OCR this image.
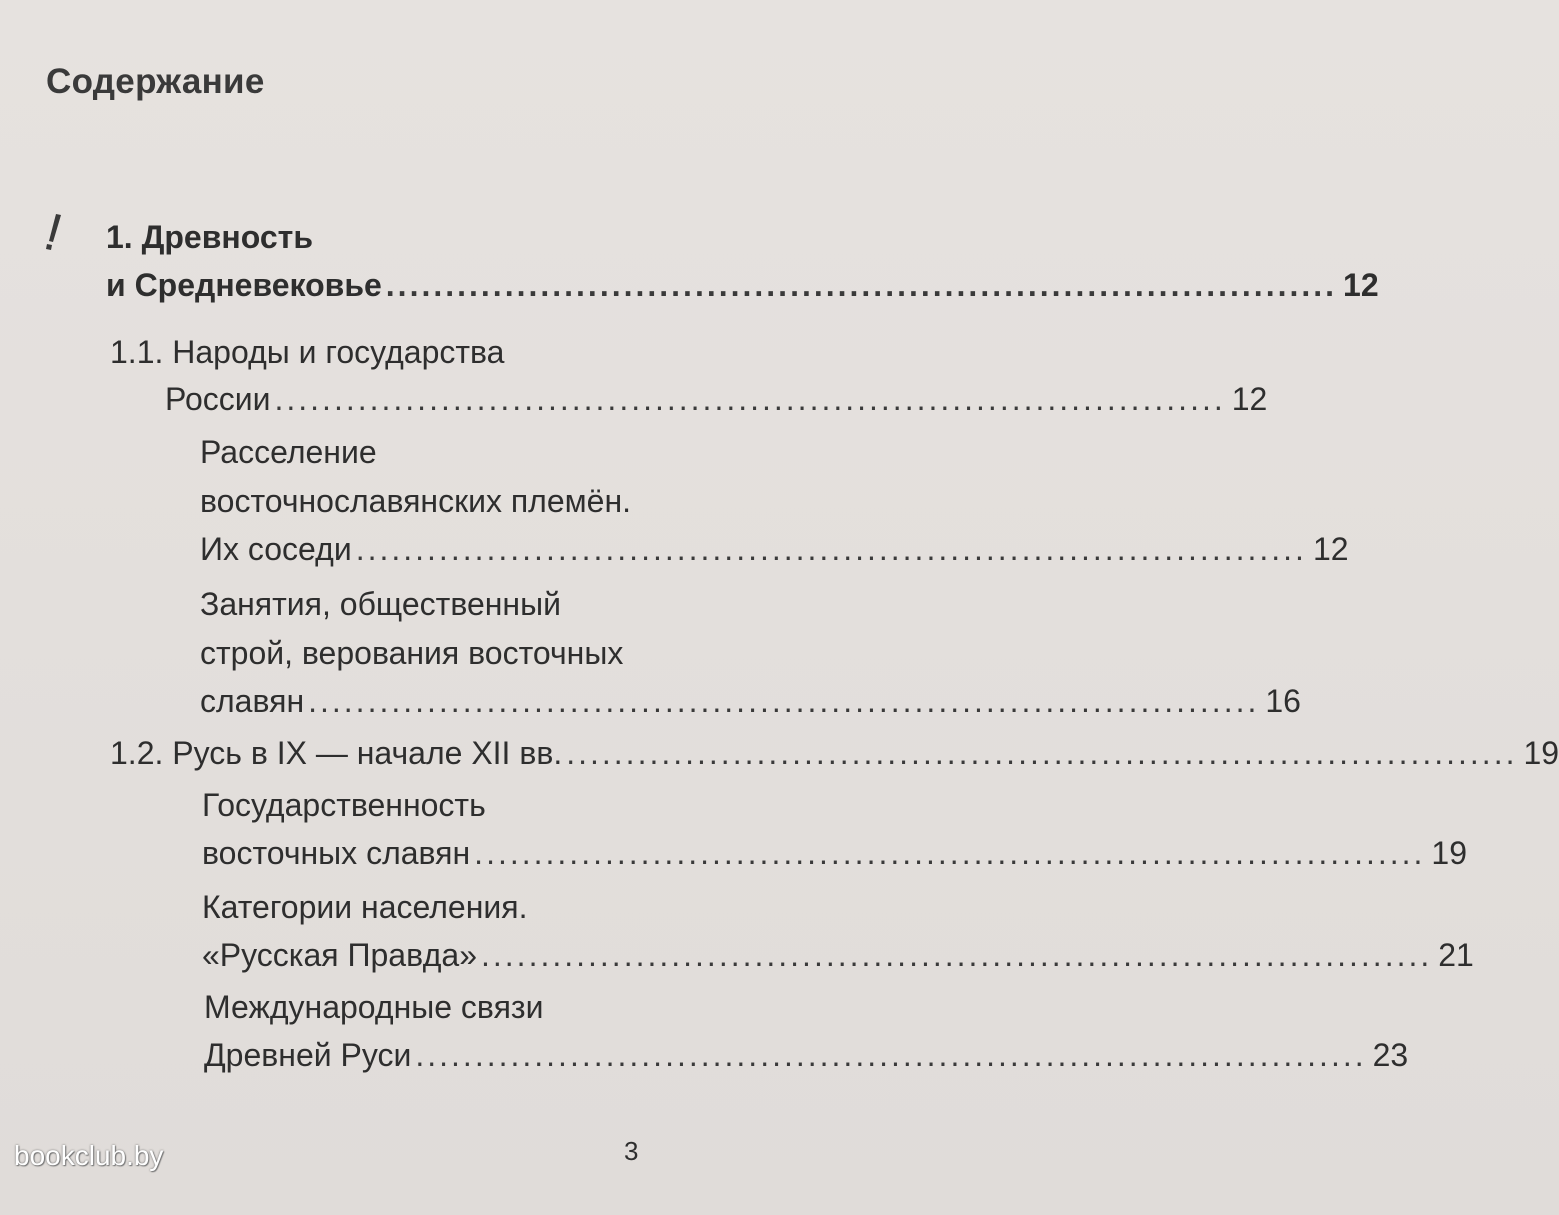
Содержание
1. Древность
и Средневековье ................................................................................ 12
1.1. Народы и государства
России ................................................................................ 12
Расселение
восточнославянских племён.
Их соседи ................................................................................ 12
Занятия, общественный
строй, верования восточных
славян ................................................................................ 16
1.2. Русь в IX — начале XII вв. ................................................................................ 19
Государственность
восточных славян ................................................................................ 19
Категории населения.
«Русская Правда» ................................................................................ 21
Международные связи
Древней Руси ................................................................................ 23
3
bookclub.by
